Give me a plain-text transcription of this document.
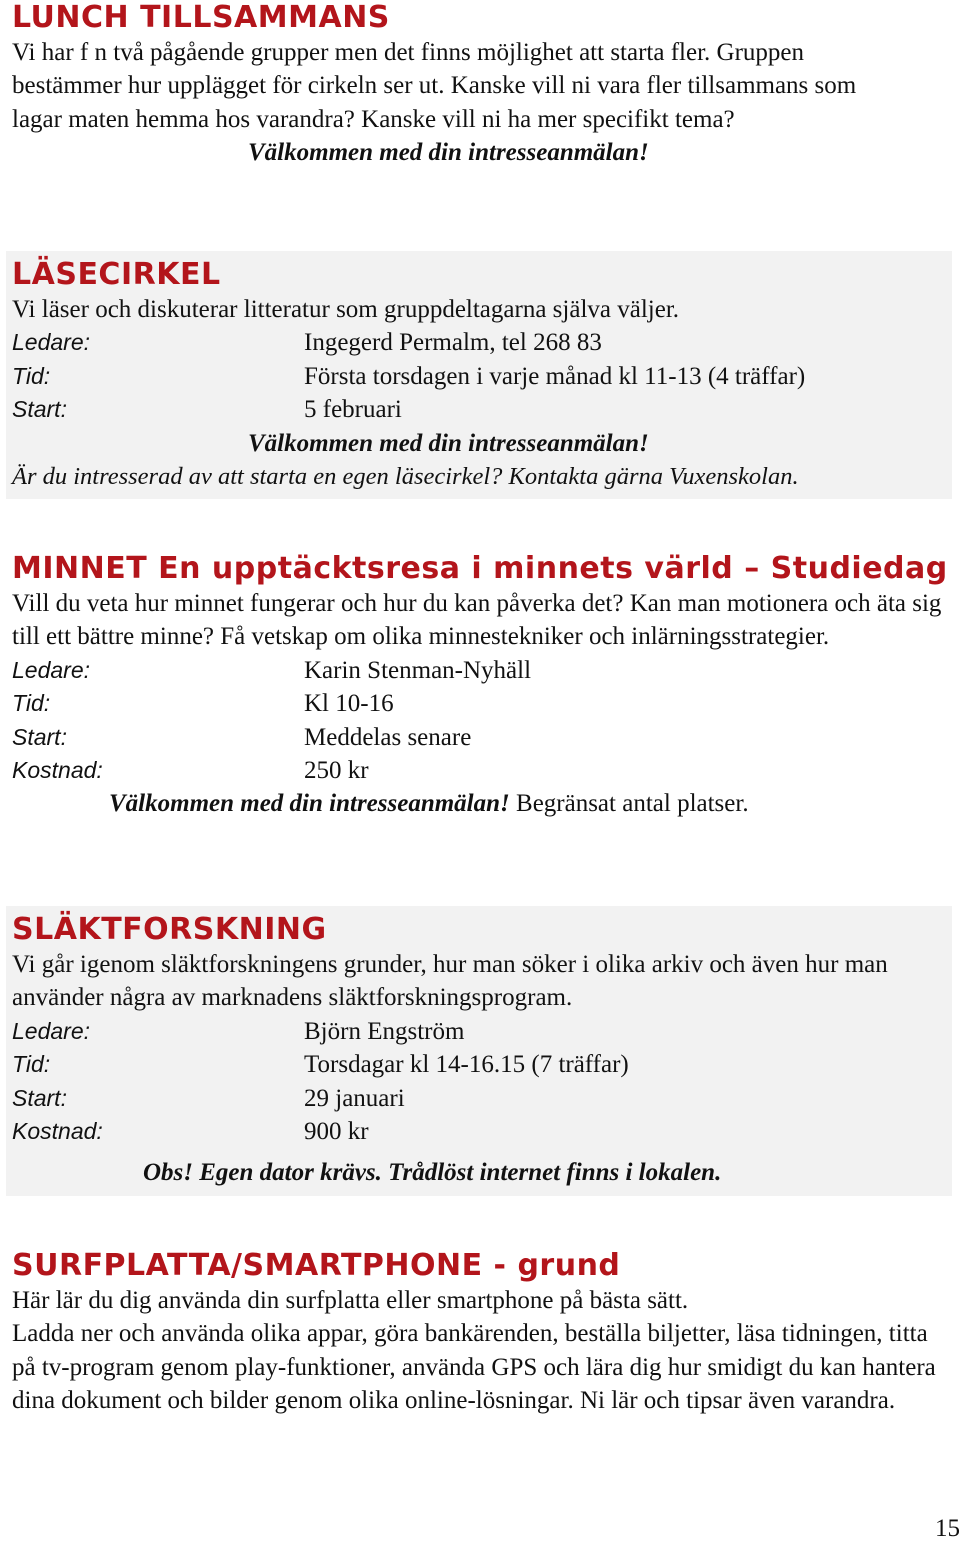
LUNCH TILLSAMMANS

Vi har f n två pågående grupper men det finns möjlighet att starta fler. Gruppen bestämmer hur upplägget för cirkeln ser ut. Kanske vill ni vara fler tillsammans som lagar maten hemma hos varandra? Kanske vill ni ha mer specifikt tema?

Välkommen med din intresseanmälan!

LÄSECIRKEL

Vi läser och diskuterar litteratur som gruppdeltagarna själva väljer.

Ledare:	Ingegerd Permalm, tel 268 83
Tid:	Första torsdagen i varje månad kl 11-13 (4 träffar)
Start:	5 februari

Välkommen med din intresseanmälan!

Är du intresserad av att starta en egen läsecirkel? Kontakta gärna Vuxenskolan.

MINNET En upptäcktsresa i minnets värld – Studiedag

Vill du veta hur minnet fungerar och hur du kan påverka det? Kan man motionera och äta sig till ett bättre minne? Få vetskap om olika minnestekniker och inlärningsstrategier.

Ledare:	Karin Stenman-Nyhäll
Tid:	Kl 10-16
Start:	Meddelas senare
Kostnad:	250 kr

Välkommen med din intresseanmälan! Begränsat antal platser.

SLÄKTFORSKNING

Vi går igenom släktforskningens grunder, hur man söker i olika arkiv och även hur man använder några av marknadens släktforskningsprogram.

Ledare:	Björn Engström
Tid:	Torsdagar kl 14-16.15 (7 träffar)
Start:	29 januari
Kostnad:	900 kr

Obs! Egen dator krävs. Trådlöst internet finns i lokalen.

SURFPLATTA/SMARTPHONE - grund

Här lär du dig använda din surfplatta eller smartphone på bästa sätt.

Ladda ner och använda olika appar, göra bankärenden, beställa biljetter, läsa tidningen, titta på tv-program genom play-funktioner, använda GPS och lära dig hur smidigt du kan hantera dina dokument och bilder genom olika online-lösningar. Ni lär och tipsar även varandra.

15
